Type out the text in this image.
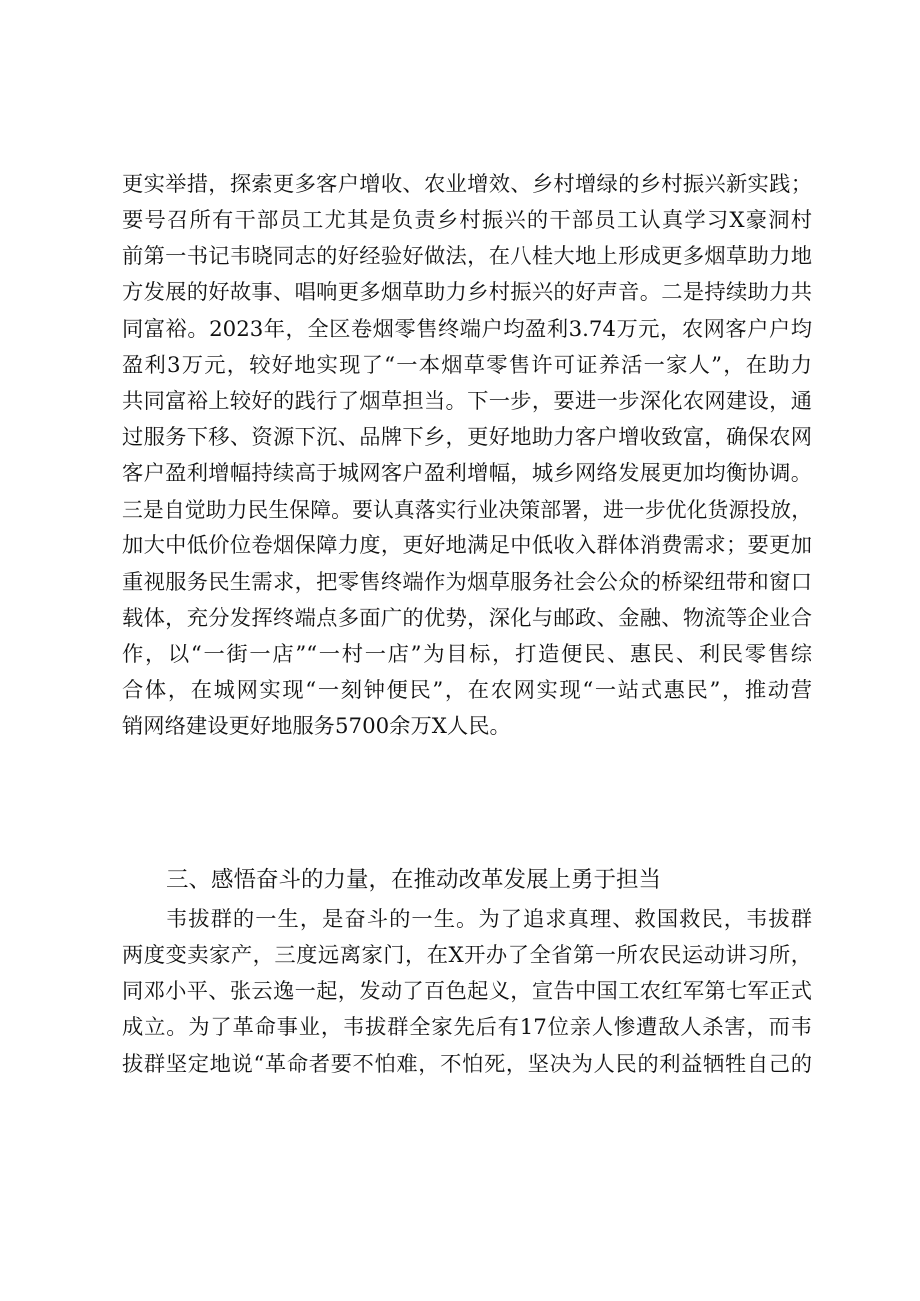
更实举措，探索更多客户增收、农业增效、乡村增绿的乡村振兴新实践；
要号召所有干部员工尤其是负责乡村振兴的干部员工认真学习X豪洞村
前第一书记韦晓同志的好经验好做法，在八桂大地上形成更多烟草助力地
方发展的好故事、唱响更多烟草助力乡村振兴的好声音。二是持续助力共
同富裕。2023年，全区卷烟零售终端户均盈利3.74万元，农网客户户均
盈利3万元，较好地实现了“一本烟草零售许可证养活一家人”，在助力
共同富裕上较好的践行了烟草担当。下一步，要进一步深化农网建设，通
过服务下移、资源下沉、品牌下乡，更好地助力客户增收致富，确保农网
客户盈利增幅持续高于城网客户盈利增幅，城乡网络发展更加均衡协调。
三是自觉助力民生保障。要认真落实行业决策部署，进一步优化货源投放，
加大中低价位卷烟保障力度，更好地满足中低收入群体消费需求；要更加
重视服务民生需求，把零售终端作为烟草服务社会公众的桥梁纽带和窗口
载体，充分发挥终端点多面广的优势，深化与邮政、金融、物流等企业合
作，以“一街一店”“一村一店”为目标，打造便民、惠民、利民零售综
合体，在城网实现“一刻钟便民”，在农网实现“一站式惠民”，推动营
销网络建设更好地服务5700余万X人民。
三、感悟奋斗的力量，在推动改革发展上勇于担当
韦拔群的一生，是奋斗的一生。为了追求真理、救国救民，韦拔群
两度变卖家产，三度远离家门，在X开办了全省第一所农民运动讲习所，
同邓小平、张云逸一起，发动了百色起义，宣告中国工农红军第七军正式
成立。为了革命事业，韦拔群全家先后有17位亲人惨遭敌人杀害，而韦
拔群坚定地说“革命者要不怕难，不怕死，坚决为人民的利益牺牲自己的
